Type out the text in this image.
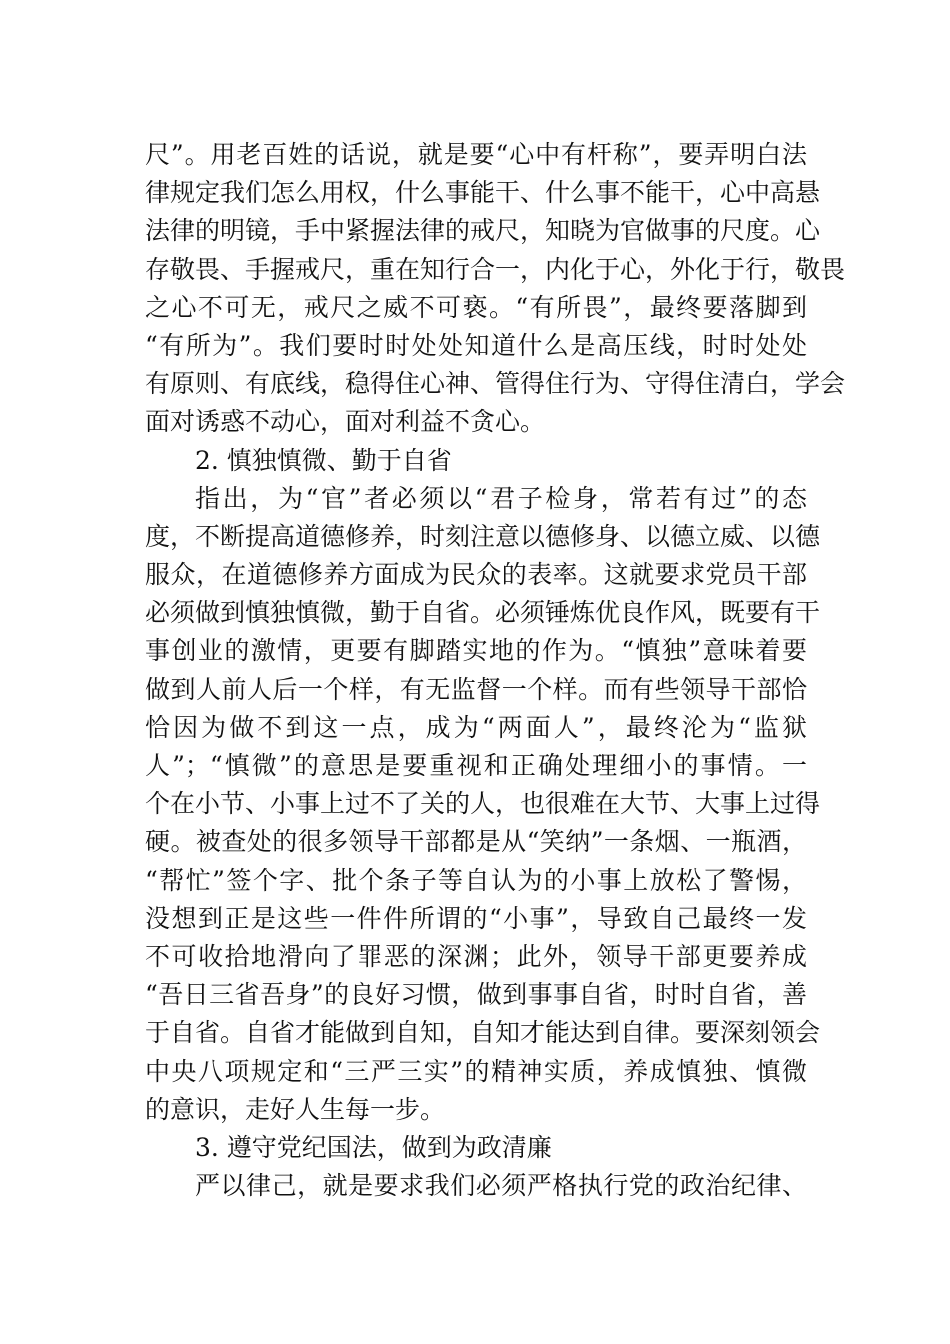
尺”。用老百姓的话说，就是要“心中有杆称”，要弄明白法
律规定我们怎么用权，什么事能干、什么事不能干，心中高悬
法律的明镜，手中紧握法律的戒尺，知晓为官做事的尺度。心
存敬畏、手握戒尺，重在知行合一，内化于心，外化于行，敬畏
之心不可无，戒尺之威不可亵。“有所畏”，最终要落脚到
“有所为”。我们要时时处处知道什么是高压线，时时处处
有原则、有底线，稳得住心神、管得住行为、守得住清白，学会
面对诱惑不动心，面对利益不贪心。
2. 慎独慎微、勤于自省
指出，为“官”者必须以“君子检身，常若有过”的态
度，不断提高道德修养，时刻注意以德修身、以德立威、以德
服众，在道德修养方面成为民众的表率。这就要求党员干部
必须做到慎独慎微，勤于自省。必须锤炼优良作风，既要有干
事创业的激情，更要有脚踏实地的作为。“慎独”意味着要
做到人前人后一个样，有无监督一个样。而有些领导干部恰
恰因为做不到这一点，成为“两面人”，最终沦为“监狱
人”；“慎微”的意思是要重视和正确处理细小的事情。一
个在小节、小事上过不了关的人，也很难在大节、大事上过得
硬。被查处的很多领导干部都是从“笑纳”一条烟、一瓶酒，
“帮忙”签个字、批个条子等自认为的小事上放松了警惕，
没想到正是这些一件件所谓的“小事”，导致自己最终一发
不可收拾地滑向了罪恶的深渊；此外，领导干部更要养成
“吾日三省吾身”的良好习惯，做到事事自省，时时自省，善
于自省。自省才能做到自知，自知才能达到自律。要深刻领会
中央八项规定和“三严三实”的精神实质，养成慎独、慎微
的意识，走好人生每一步。
3. 遵守党纪国法，做到为政清廉
严以律己，就是要求我们必须严格执行党的政治纪律、
